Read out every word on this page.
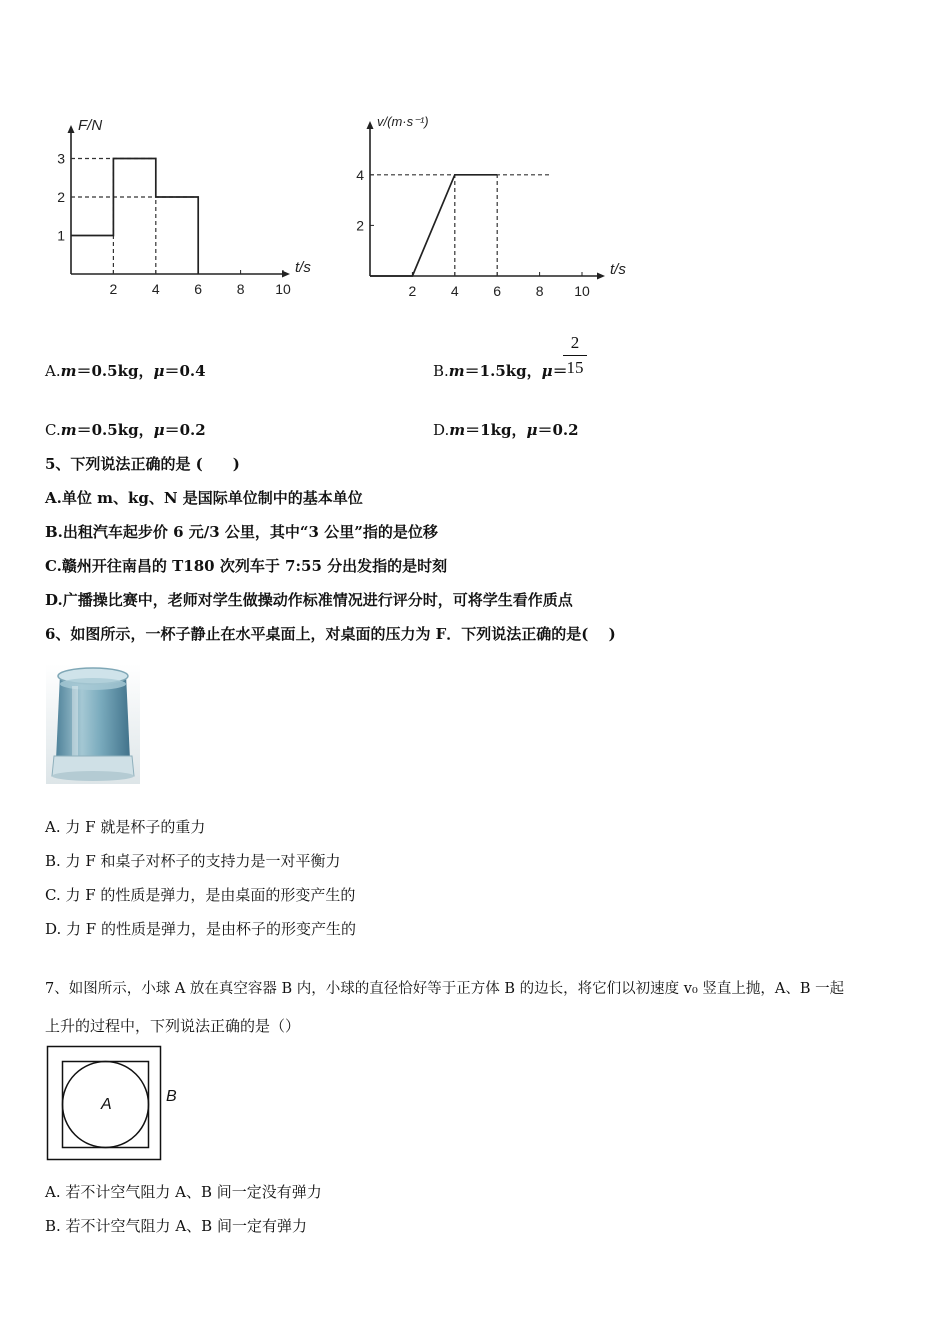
t/s
F/N
2 4 6 8 10
1
2
3
t/s
v/(m·s⁻¹)
2 4 6 8 10
2
4
A.m＝0.5kg，μ＝0.4	B.m＝1.5kg，μ＝
$\frac{2}{15}$
C.m＝0.5kg，μ＝0.2	D.m＝1kg，μ＝0.2
5、下列说法正确的是 (　　)
A.单位 m、kg、N 是国际单位制中的基本单位
B.出租汽车起步价 6 元/3 公里，其中“3 公里”指的是位移
C.赣州开往南昌的 T180 次列车于 7:55 分出发指的是时刻
D.广播操比赛中，老师对学生做操动作标准情况进行评分时，可将学生看作质点
6、如图所示，一杯子静止在水平桌面上，对桌面的压力为 F．下列说法正确的是(　 )
A. 力 F 就是杯子的重力
B. 力 F 和桌子对杯子的支持力是一对平衡力
C. 力 F 的性质是弹力，是由桌面的形变产生的
D. 力 F 的性质是弹力，是由杯子的形变产生的
7、如图所示，小球 A 放在真空容器 B 内，小球的直径恰好等于正方体 B 的边长，将它们以初速度 v₀ 竖直上抛，A、B 一起
上升的过程中，下列说法正确的是（）
A	B
A. 若不计空气阻力 A、B 间一定没有弹力
B. 若不计空气阻力 A、B 间一定有弹力
